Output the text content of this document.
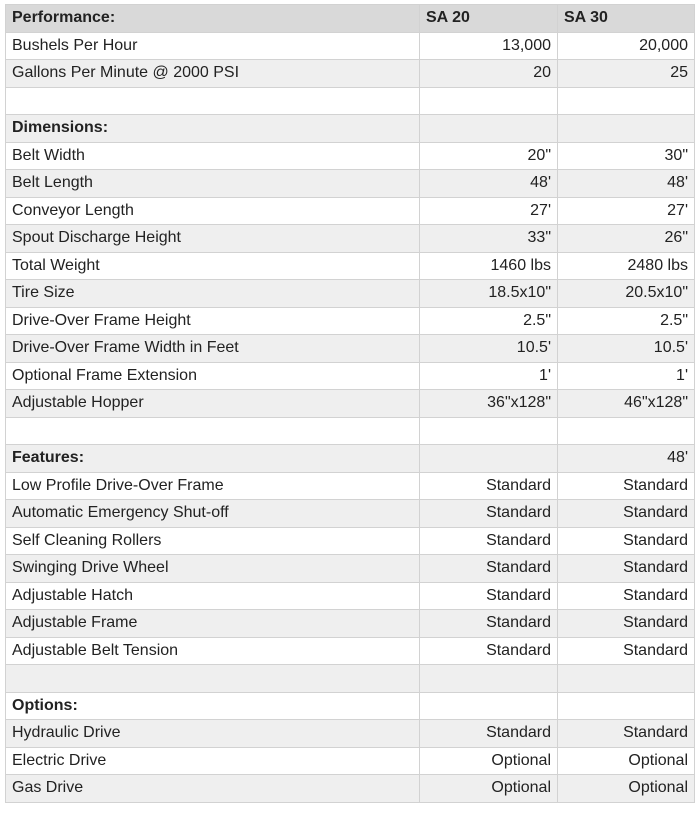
Performance:	SA 20	SA 30
Bushels Per Hour	13,000	20,000
Gallons Per Minute @ 2000 PSI	20	25

Dimensions:		
Belt Width	20"	30"
Belt Length	48'	48'
Conveyor Length	27'	27'
Spout Discharge Height	33"	26"
Total Weight	1460 lbs	2480 lbs
Tire Size	18.5x10"	20.5x10"
Drive-Over Frame Height	2.5"	2.5"
Drive-Over Frame Width in Feet	10.5'	10.5'
Optional Frame Extension	1'	1'
Adjustable Hopper	36"x128"	46"x128"

Features:		48'
Low Profile Drive-Over Frame	Standard	Standard
Automatic Emergency Shut-off	Standard	Standard
Self Cleaning Rollers	Standard	Standard
Swinging Drive Wheel	Standard	Standard
Adjustable Hatch	Standard	Standard
Adjustable Frame	Standard	Standard
Adjustable Belt Tension	Standard	Standard

Options:		
Hydraulic Drive	Standard	Standard
Electric Drive	Optional	Optional
Gas Drive	Optional	Optional
